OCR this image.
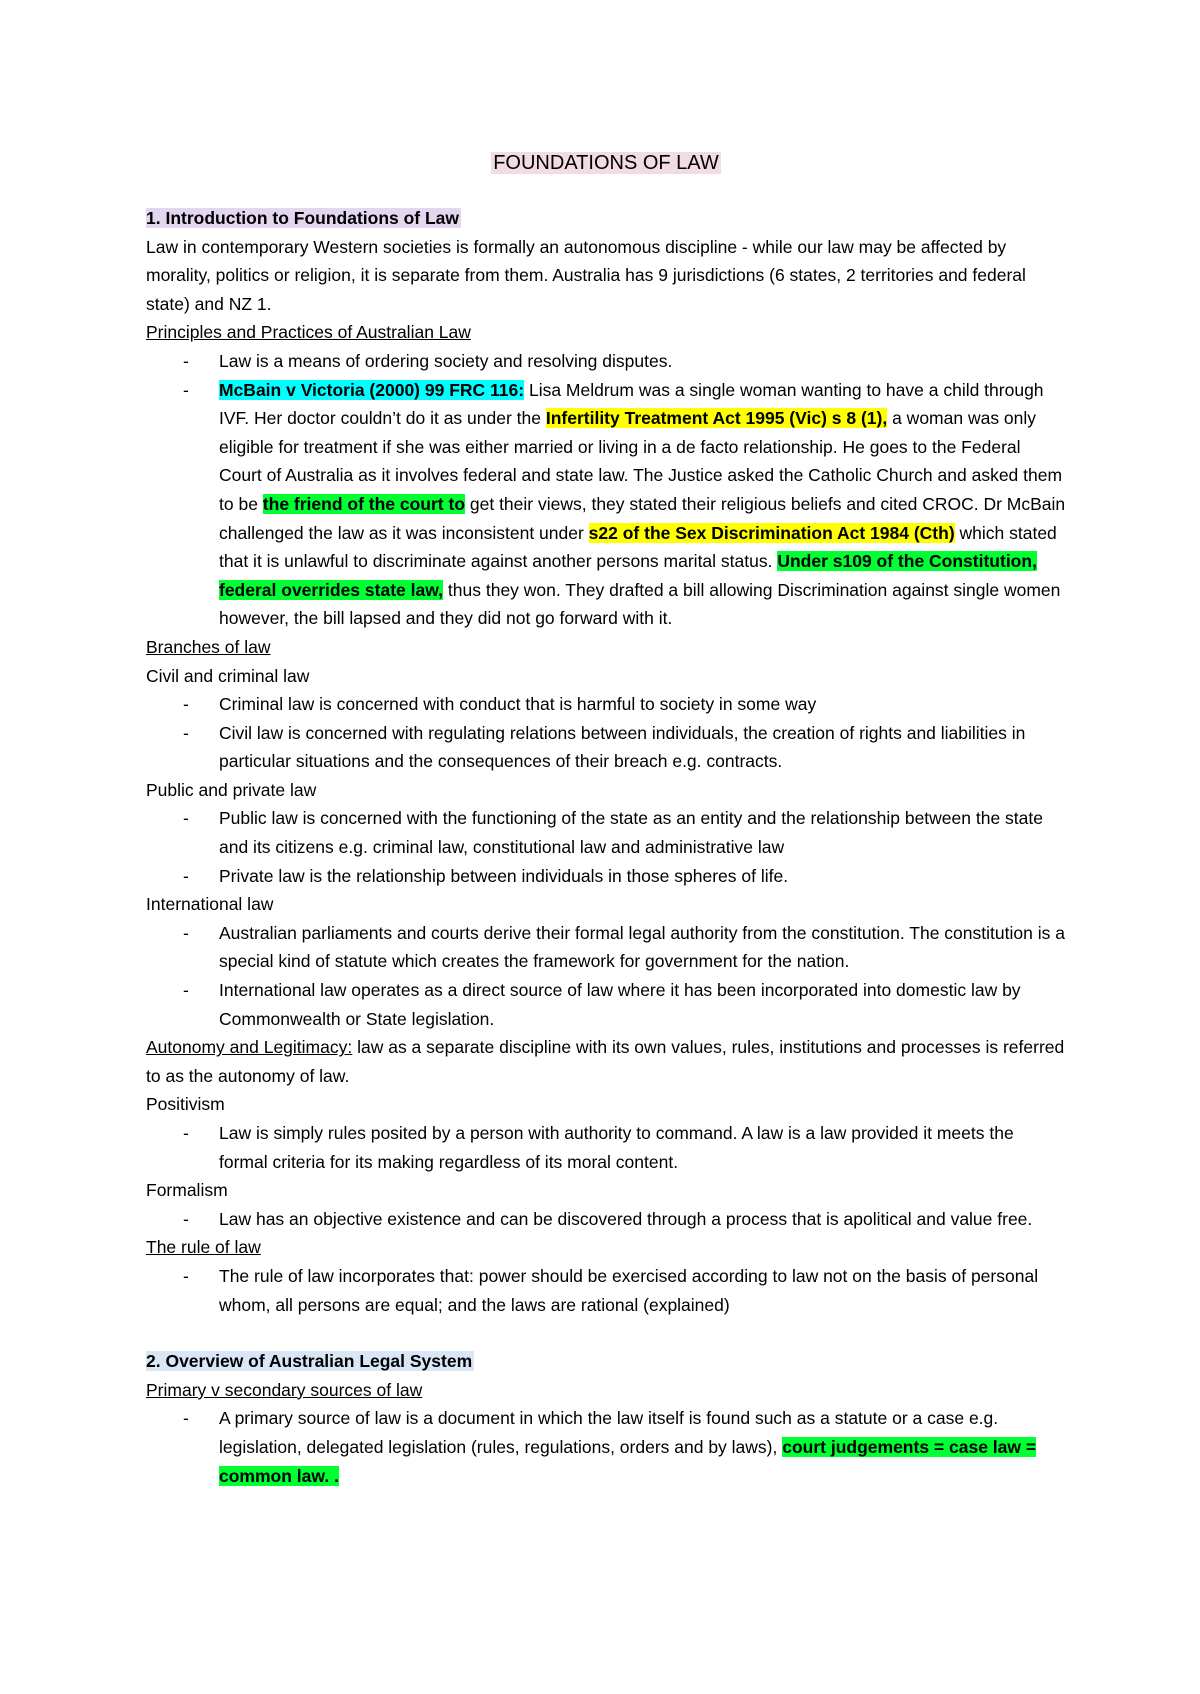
FOUNDATIONS OF LAW

1. Introduction to Foundations of Law

Law in contemporary Western societies is formally an autonomous discipline - while our law may be affected by morality, politics or religion, it is separate from them. Australia has 9 jurisdictions (6 states, 2 territories and federal state) and NZ 1.

Principles and Practices of Australian Law

- Law is a means of ordering society and resolving disputes.
- McBain v Victoria (2000) 99 FRC 116: Lisa Meldrum was a single woman wanting to have a child through IVF. Her doctor couldn’t do it as under the Infertility Treatment Act 1995 (Vic) s 8 (1), a woman was only eligible for treatment if she was either married or living in a de facto relationship. He goes to the Federal Court of Australia as it involves federal and state law. The Justice asked the Catholic Church and asked them to be the friend of the court to get their views, they stated their religious beliefs and cited CROC. Dr McBain challenged the law as it was inconsistent under s22 of the Sex Discrimination Act 1984 (Cth) which stated that it is unlawful to discriminate against another persons marital status. Under s109 of the Constitution, federal overrides state law, thus they won. They drafted a bill allowing Discrimination against single women however, the bill lapsed and they did not go forward with it.

Branches of law

Civil and criminal law

- Criminal law is concerned with conduct that is harmful to society in some way
- Civil law is concerned with regulating relations between individuals, the creation of rights and liabilities in particular situations and the consequences of their breach e.g. contracts.

Public and private law

- Public law is concerned with the functioning of the state as an entity and the relationship between the state and its citizens e.g. criminal law, constitutional law and administrative law
- Private law is the relationship between individuals in those spheres of life.

International law

- Australian parliaments and courts derive their formal legal authority from the constitution. The constitution is a special kind of statute which creates the framework for government for the nation.
- International law operates as a direct source of law where it has been incorporated into domestic law by Commonwealth or State legislation.

Autonomy and Legitimacy: law as a separate discipline with its own values, rules, institutions and processes is referred to as the autonomy of law.

Positivism

- Law is simply rules posited by a person with authority to command. A law is a law provided it meets the formal criteria for its making regardless of its moral content.

Formalism

- Law has an objective existence and can be discovered through a process that is apolitical and value free.

The rule of law

- The rule of law incorporates that: power should be exercised according to law not on the basis of personal whom, all persons are equal; and the laws are rational (explained)

2. Overview of Australian Legal System

Primary v secondary sources of law

- A primary source of law is a document in which the law itself is found such as a statute or a case e.g. legislation, delegated legislation (rules, regulations, orders and by laws), court judgements = case law = common law. .
